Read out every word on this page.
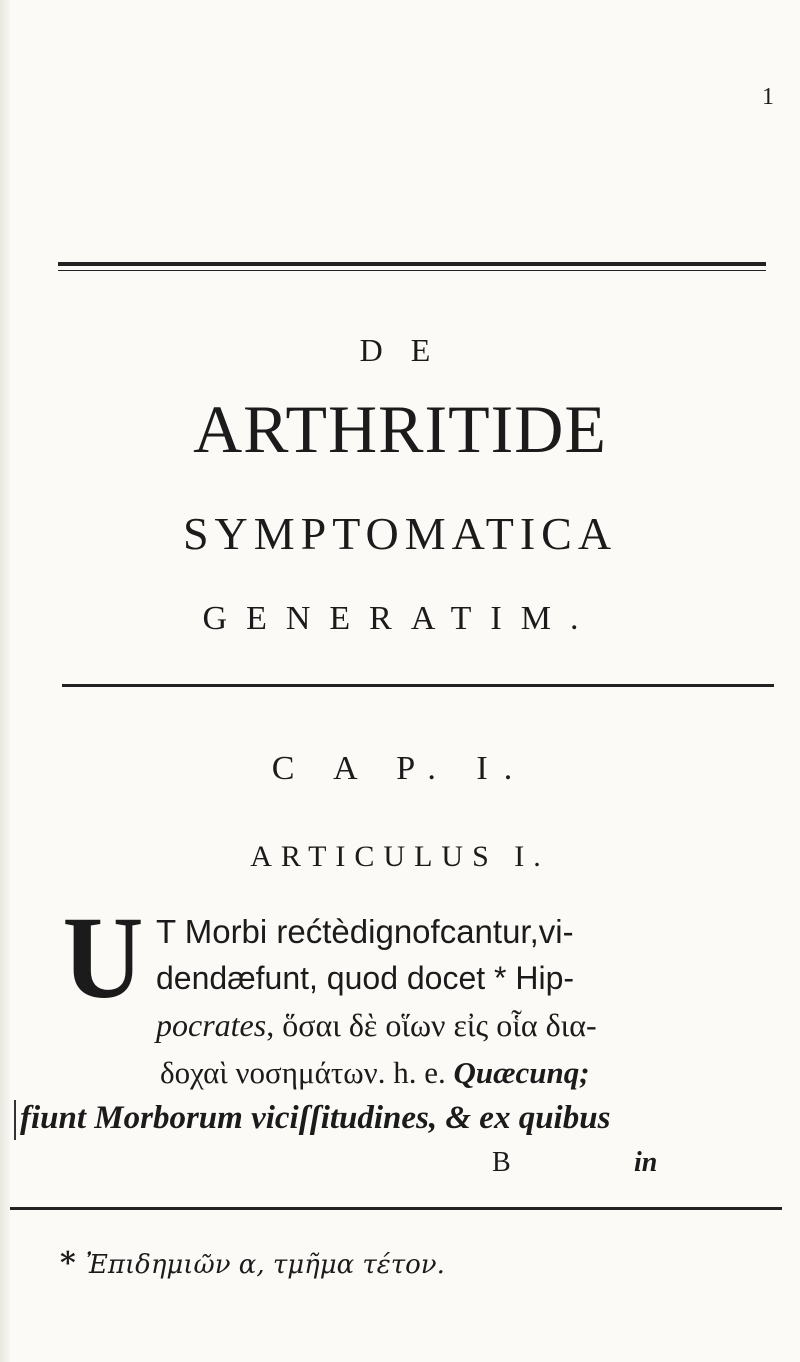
1
D E
ARTHRITIDE
SYMPTOMATICA
GENERATIM.
C A P. I.
ARTICULUS I.
U T Morbi rećtèdignofcantur,vi-
dendæfunt, quod docet * Hip-
pocrates, ὅσαι δὲ οἵων εἰς οἷα δια-
δοχαὶ νοσημάτων. h. e. Quæcunq;
fiunt Morborum viciſſitudines, & ex quibus
B	in
* Ἐπιδημιῶν α, τμῆμα τέτον.
